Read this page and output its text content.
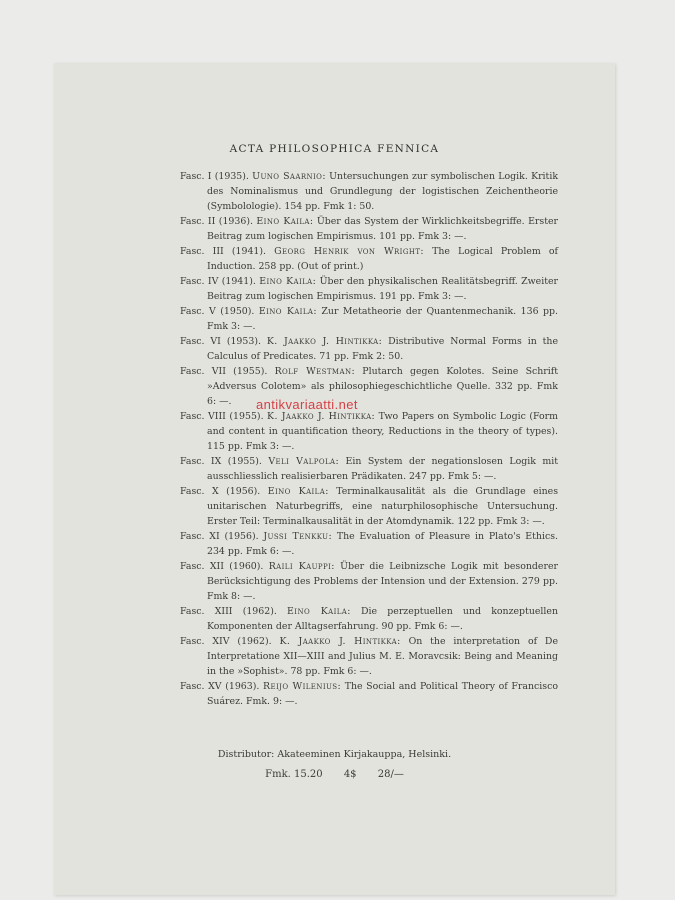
ACTA PHILOSOPHICA FENNICA

Fasc. I (1935). Uuno Saarnio: Untersuchungen zur symbolischen Logik. Kritik des Nominalismus und Grundlegung der logistischen Zeichentheorie (Symbolologie). 154 pp. Fmk 1: 50.

Fasc. II (1936). Eino Kaila: Über das System der Wirklichkeitsbegriffe. Erster Beitrag zum logischen Empirismus. 101 pp. Fmk 3: —.

Fasc. III (1941). Georg Henrik von Wright: The Logical Problem of Induction. 258 pp. (Out of print.)

Fasc. IV (1941). Eino Kaila: Über den physikalischen Realitätsbegriff. Zweiter Beitrag zum logischen Empirismus. 191 pp. Fmk 3: —.

Fasc. V (1950). Eino Kaila: Zur Metatheorie der Quantenmechanik. 136 pp. Fmk 3: —.

Fasc. VI (1953). K. Jaakko J. Hintikka: Distributive Normal Forms in the Calculus of Predicates. 71 pp. Fmk 2: 50.

Fasc. VII (1955). Rolf Westman: Plutarch gegen Kolotes. Seine Schrift »Adversus Colotem» als philosophiegeschichtliche Quelle. 332 pp. Fmk 6: —.

Fasc. VIII (1955). K. Jaakko J. Hintikka: Two Papers on Symbolic Logic (Form and content in quantification theory, Reductions in the theory of types). 115 pp. Fmk 3: —.

Fasc. IX (1955). Veli Valpola: Ein System der negationslosen Logik mit ausschliesslich realisierbaren Prädikaten. 247 pp. Fmk 5: —.

Fasc. X (1956). Eino Kaila: Terminalkausalität als die Grundlage eines unitarischen Naturbegriffs, eine naturphilosophische Untersuchung. Erster Teil: Terminalkausalität in der Atomdynamik. 122 pp. Fmk 3: —.

Fasc. XI (1956). Jussi Tenkku: The Evaluation of Pleasure in Plato's Ethics. 234 pp. Fmk 6: —.

Fasc. XII (1960). Raili Kauppi: Über die Leibnizsche Logik mit besonderer Berücksichtigung des Problems der Intension und der Extension. 279 pp. Fmk 8: —.

Fasc. XIII (1962). Eino Kaila: Die perzeptuellen und konzeptuellen Komponenten der Alltagserfahrung. 90 pp. Fmk 6: —.

Fasc. XIV (1962). K. Jaakko J. Hintikka: On the interpretation of De Interpretatione XII—XIII and Julius M. E. Moravcsik: Being and Meaning in the »Sophist». 78 pp. Fmk 6: —.

Fasc. XV (1963). Reijo Wilenius: The Social and Political Theory of Francisco Suárez. Fmk. 9: —.

Distributor: Akateeminen Kirjakauppa, Helsinki.
Fmk. 15.20 4$ 28/—
antikvariaatti.net
